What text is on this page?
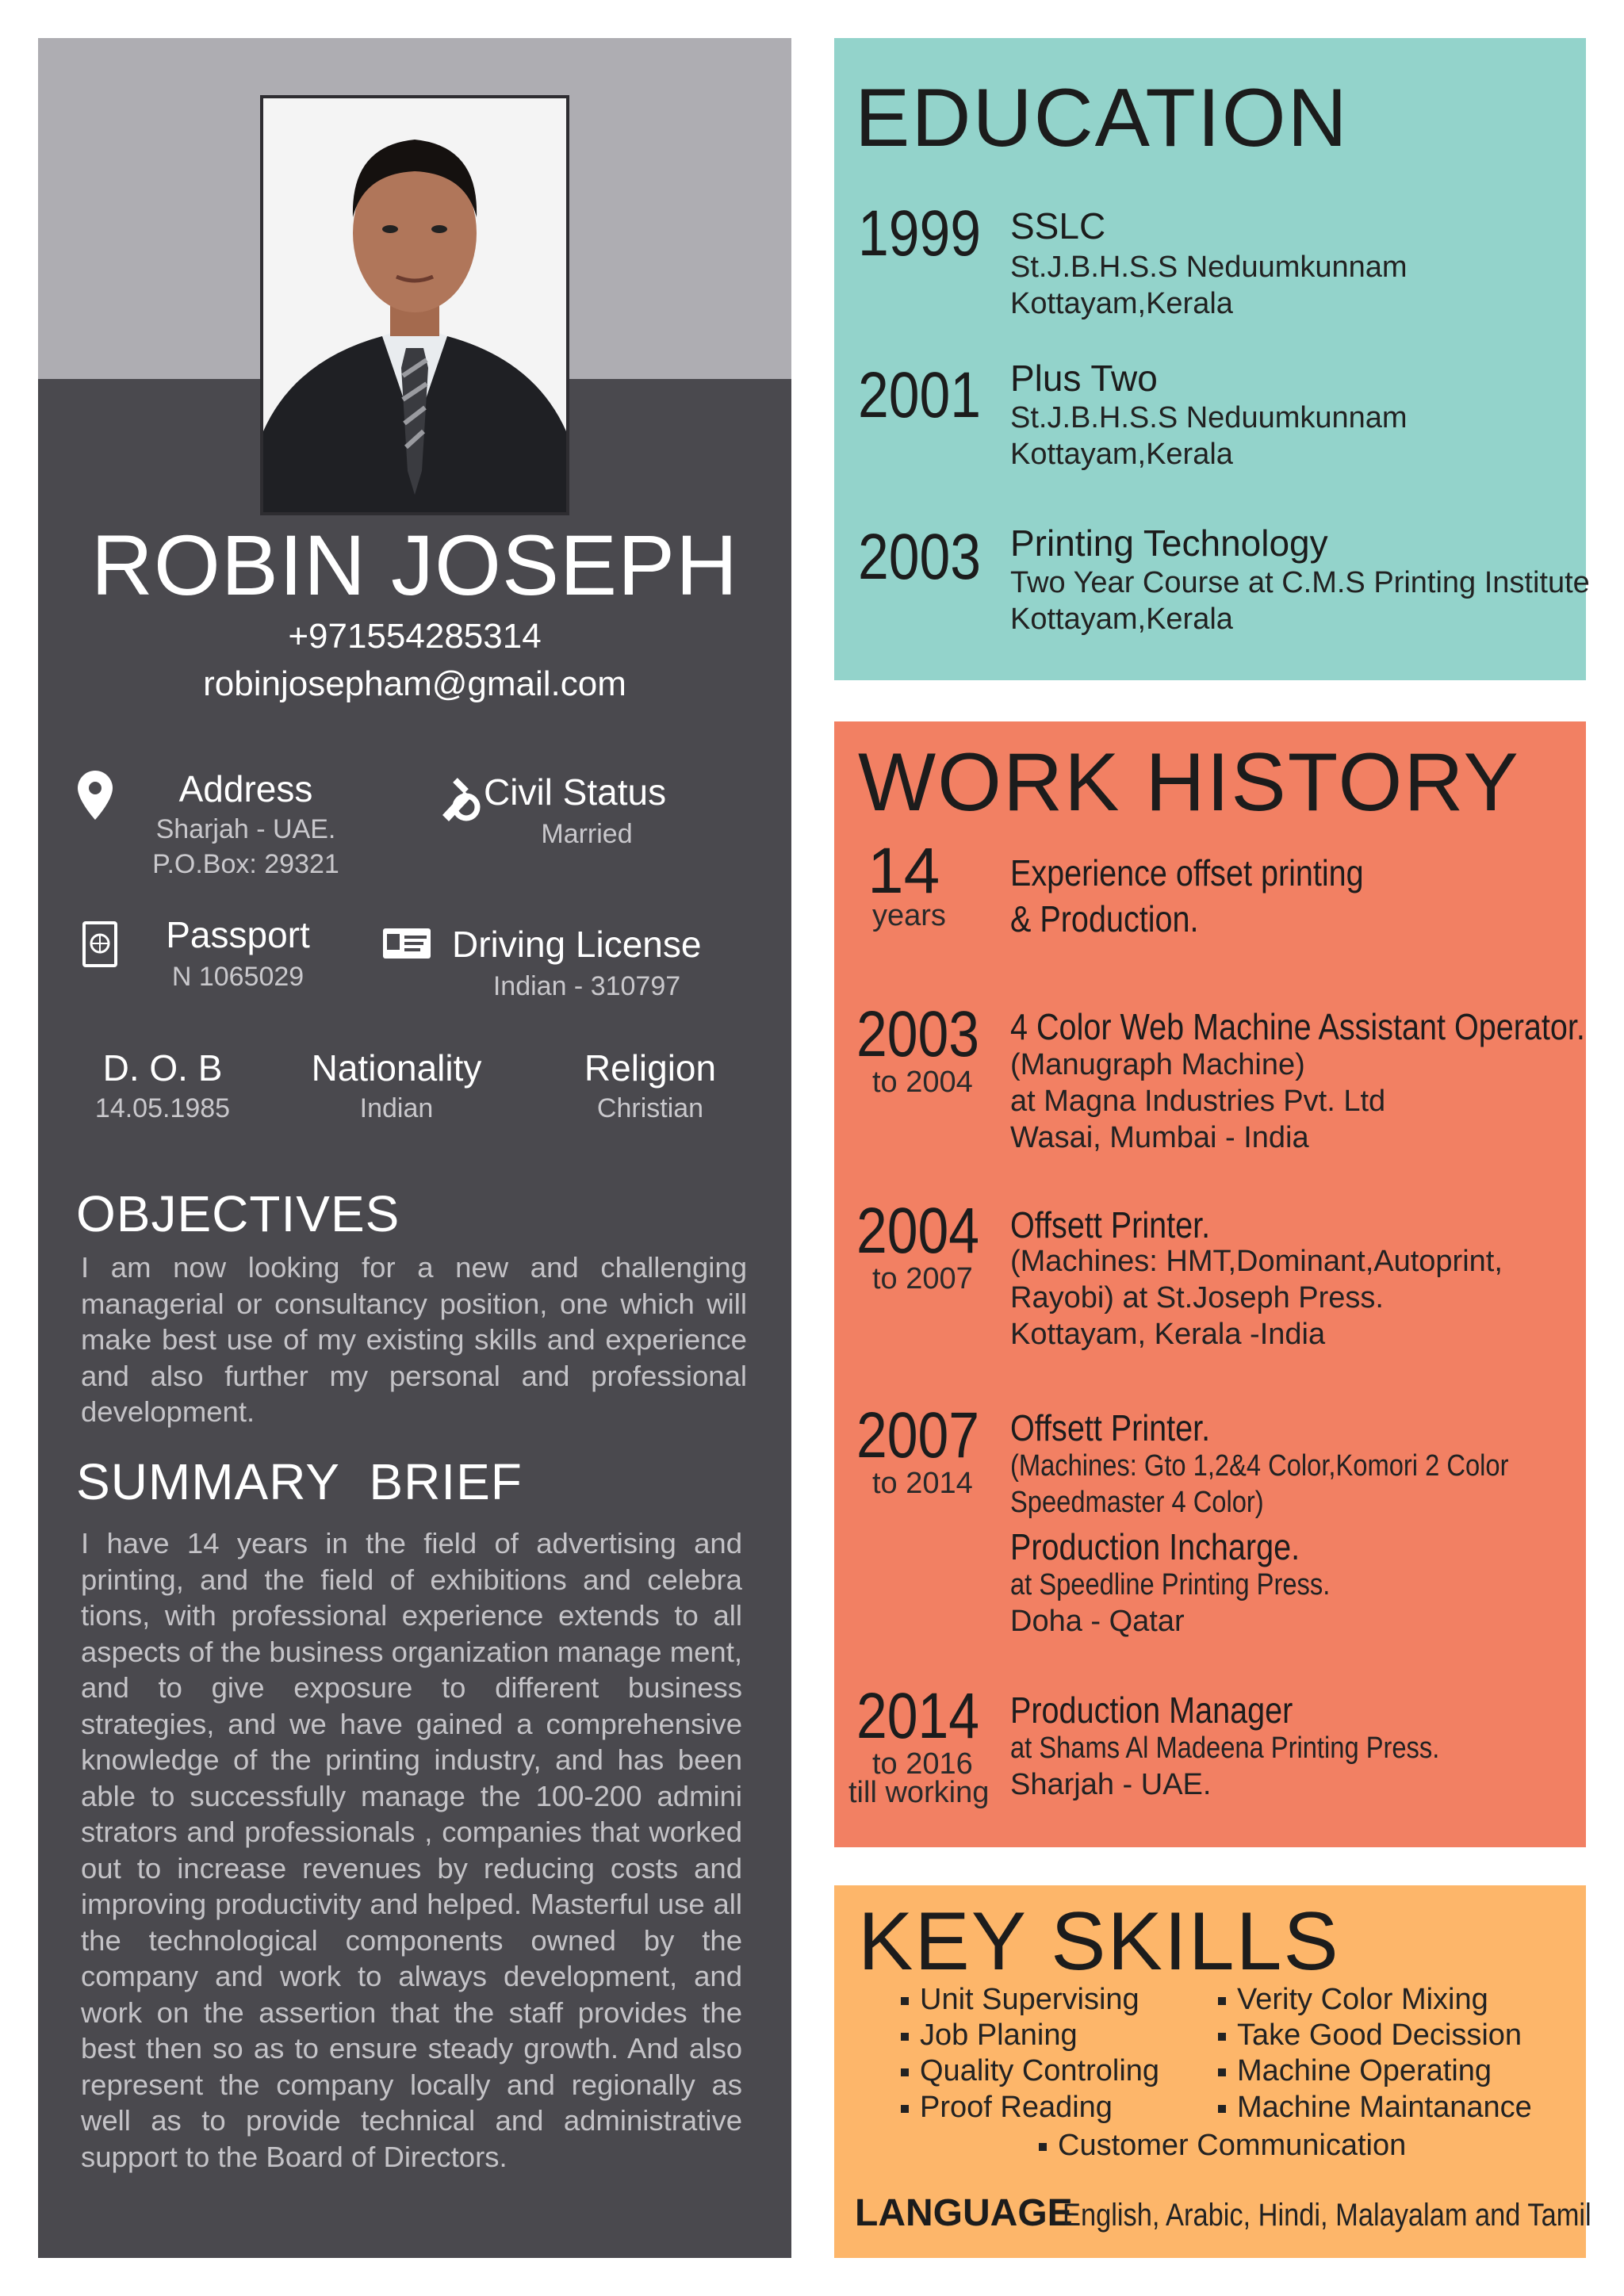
ROBIN JOSEPH
+971554285314
robinjosepham@gmail.com
Address
Sharjah - UAE.
P.O.Box: 29321
Civil Status
Married
Passport
N 1065029
Driving License
Indian - 310797
D. O. B
14.05.1985
Nationality
Indian
Religion
Christian
OBJECTIVES
I am now looking for a new and challenging managerial or consultancy position, one which will make best use of my existing skills and experience and also further my personal and professional development.
SUMMARY  BRIEF
I have 14 years in the field of advertising and printing, and the field of exhibitions and celebra tions, with professional experience extends to all aspects of the business organization manage ment, and to give exposure to different business strategies, and we have gained a comprehensive knowledge of the printing industry, and has been able to successfully manage the 100-200 admini strators and professionals , companies that worked out to increase revenues by reducing costs and improving productivity and helped. Masterful use all the technological components owned by the company and work to always development, and work on the assertion that the staff provides the best then so as to ensure steady growth. And also represent the company locally and regionally as well as to provide technical and administrative support to the Board of Directors.
EDUCATION
1999 SSLC
St.J.B.H.S.S Neduumkunnam
Kottayam,Kerala
2001 Plus Two
St.J.B.H.S.S Neduumkunnam
Kottayam,Kerala
2003 Printing Technology
Two Year Course at C.M.S Printing Institute
Kottayam,Kerala
WORK HISTORY
14
years
Experience offset printing
& Production.
2003
to 2004
4 Color Web Machine Assistant Operator.
(Manugraph Machine)
at Magna Industries Pvt. Ltd
Wasai, Mumbai - India
2004
to 2007
Offsett Printer.
(Machines: HMT,Dominant,Autoprint,
Rayobi) at St.Joseph Press.
Kottayam, Kerala -India
2007
to 2014
Offsett Printer.
(Machines: Gto 1,2&4 Color,Komori 2 Color
Speedmaster 4 Color)
Production Incharge.
at Speedline Printing Press.
Doha - Qatar
2014
to 2016
till working
Production Manager
at Shams Al Madeena Printing Press.
Sharjah - UAE.
KEY SKILLS
Unit Supervising
Job Planing
Quality Controling
Proof Reading
Verity Color Mixing
Take Good Decission
Machine Operating
Machine Maintanance
Customer Communication
LANGUAGE
English, Arabic, Hindi, Malayalam and Tamil
